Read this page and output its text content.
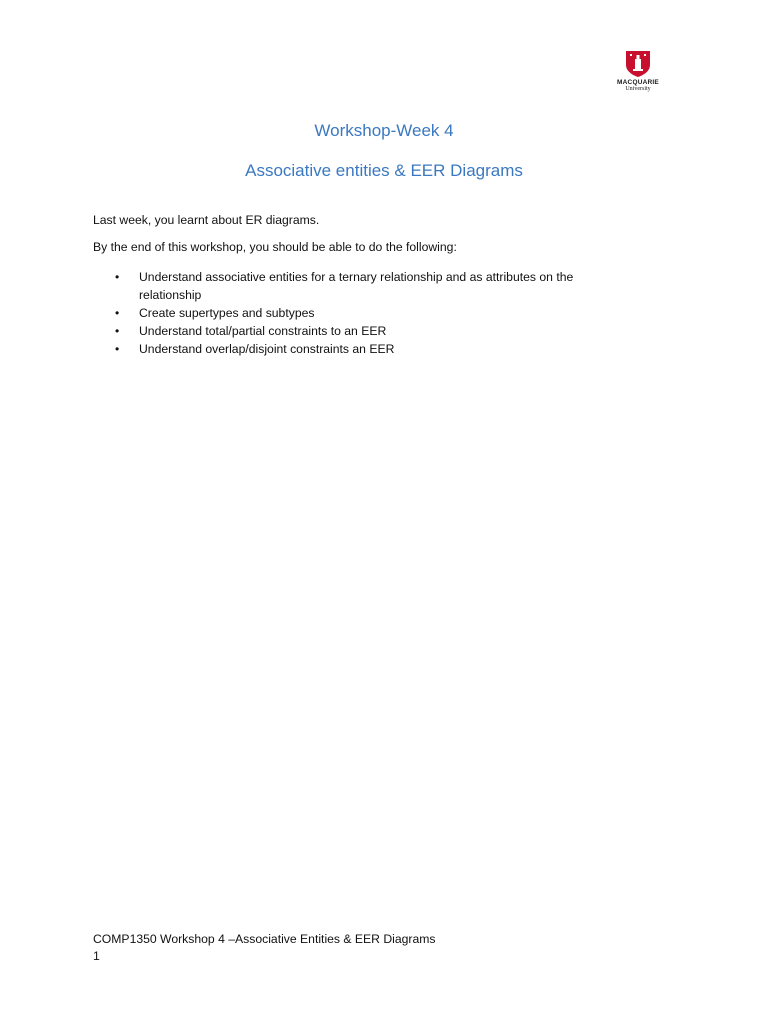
MACQUARIE
University
Workshop-Week 4
Associative entities & EER Diagrams

Last week, you learnt about ER diagrams.

By the end of this workshop, you should be able to do the following:

• Understand associative entities for a ternary relationship and as attributes on the relationship
• Create supertypes and subtypes
• Understand total/partial constraints to an EER
• Understand overlap/disjoint constraints an EER
COMP1350 Workshop 4 –Associative Entities & EER Diagrams
1
